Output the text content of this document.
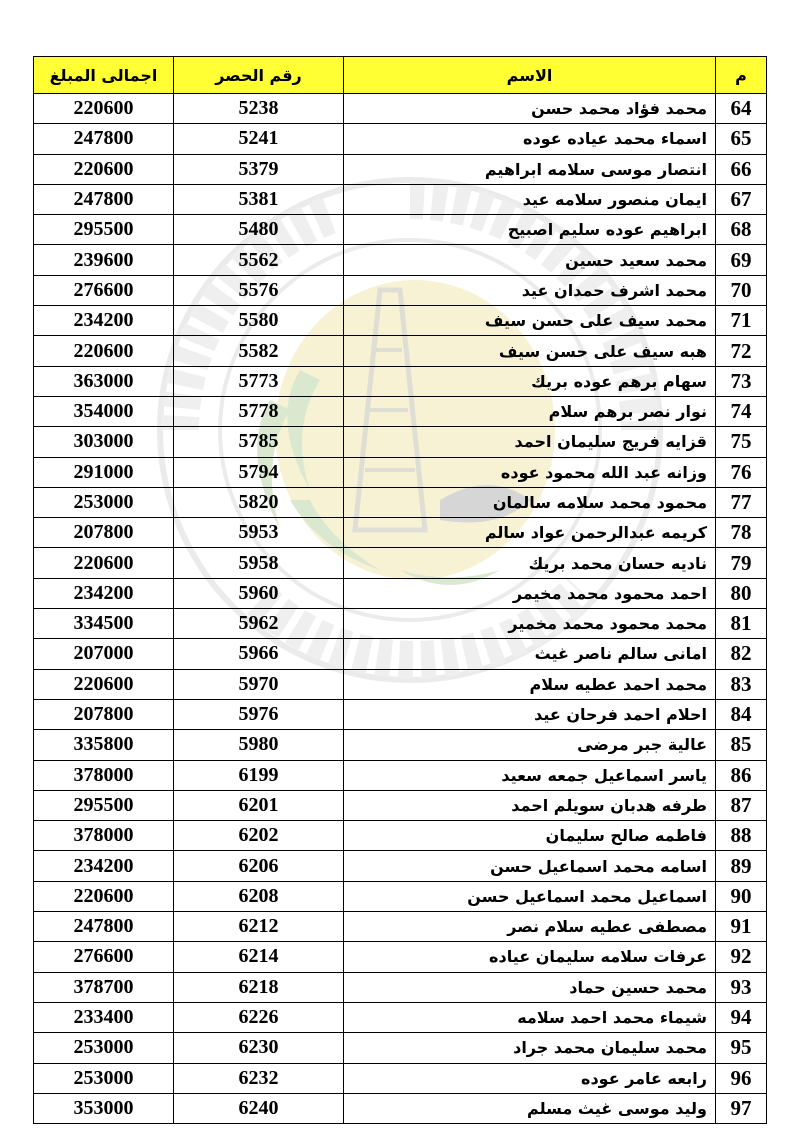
اجمالى المبلغ	رقم الحصر	الاسم	م
220600	5238	محمد فؤاد محمد حسن	64
247800	5241	اسماء محمد عياده عوده	65
220600	5379	انتصار موسى سلامه ابراهيم	66
247800	5381	ايمان منصور سلامه عيد	67
295500	5480	ابراهيم عوده سليم اصبيح	68
239600	5562	محمد سعيد حسين	69
276600	5576	محمد اشرف حمدان عيد	70
234200	5580	محمد سيف على حسن سيف	71
220600	5582	هبه سيف على حسن سيف	72
363000	5773	سهام برهم عوده بريك	73
354000	5778	نوار نصر برهم سلام	74
303000	5785	قزايه فريج سليمان احمد	75
291000	5794	وزانه عبد الله محمود عوده	76
253000	5820	محمود محمد سلامه سالمان	77
207800	5953	كريمه عبدالرحمن عواد سالم	78
220600	5958	ناديه حسان محمد بريك	79
234200	5960	احمد محمود محمد مخيمر	80
334500	5962	محمد محمود محمد مخمير	81
207000	5966	امانى سالم ناصر غيث	82
220600	5970	محمد احمد عطيه سلام	83
207800	5976	احلام احمد فرحان عيد	84
335800	5980	عالية جبر مرضى	85
378000	6199	ياسر اسماعيل جمعه سعيد	86
295500	6201	طرفه هدبان سويلم احمد	87
378000	6202	فاطمه صالح سليمان	88
234200	6206	اسامه محمد اسماعيل حسن	89
220600	6208	اسماعيل محمد اسماعيل حسن	90
247800	6212	مصطفى عطيه سلام نصر	91
276600	6214	عرفات سلامه سليمان عياده	92
378700	6218	محمد حسين حماد	93
233400	6226	شيماء محمد احمد سلامه	94
253000	6230	محمد سليمان محمد جراد	95
253000	6232	رابعه عامر عوده	96
353000	6240	وليد موسى غيث مسلم	97
